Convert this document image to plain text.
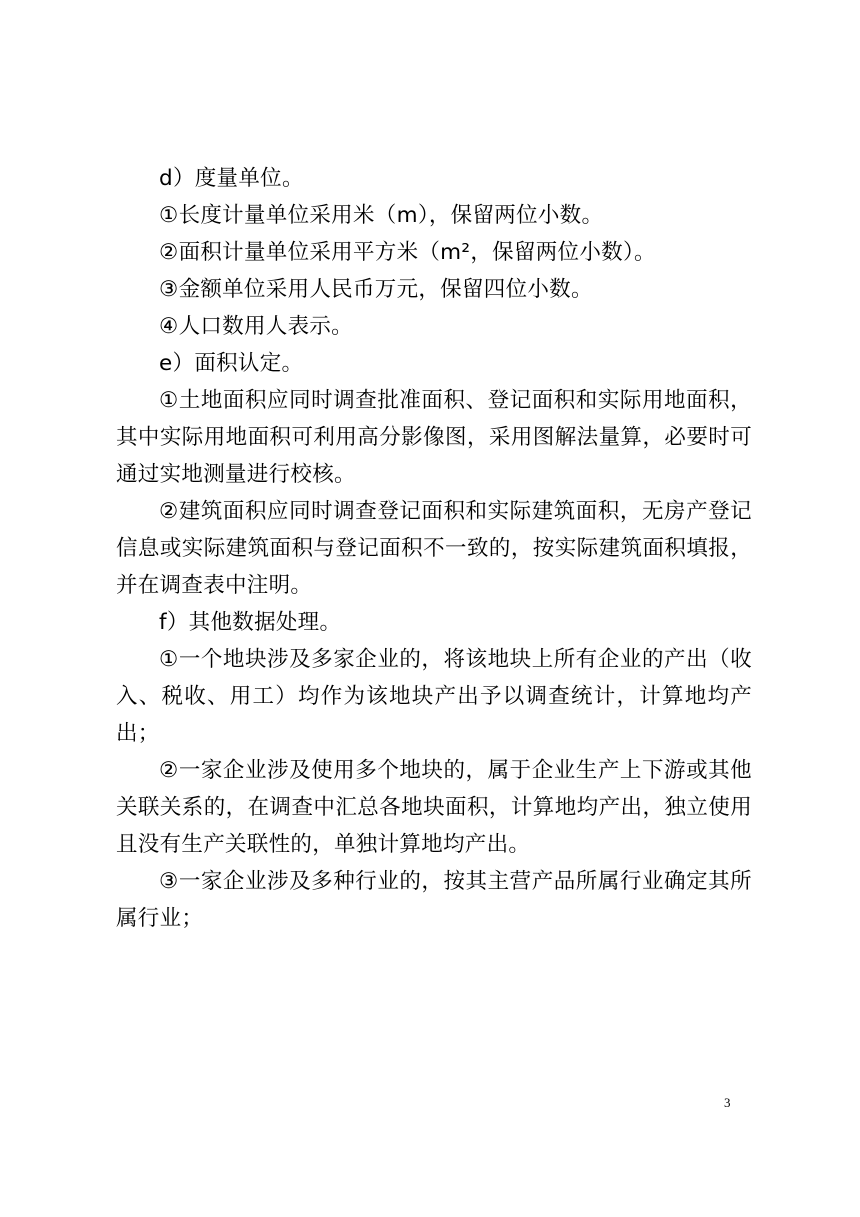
d）度量单位。

①长度计量单位采用米（m），保留两位小数。

②面积计量单位采用平方米（m²，保留两位小数）。

③金额单位采用人民币万元，保留四位小数。

④人口数用人表示。

e）面积认定。

①土地面积应同时调查批准面积、登记面积和实际用地面积，其中实际用地面积可利用高分影像图，采用图解法量算，必要时可通过实地测量进行校核。

②建筑面积应同时调查登记面积和实际建筑面积，无房产登记信息或实际建筑面积与登记面积不一致的，按实际建筑面积填报，并在调查表中注明。

f）其他数据处理。

①一个地块涉及多家企业的，将该地块上所有企业的产出（收入、税收、用工）均作为该地块产出予以调查统计，计算地均产出；

②一家企业涉及使用多个地块的，属于企业生产上下游或其他关联关系的，在调查中汇总各地块面积，计算地均产出，独立使用且没有生产关联性的，单独计算地均产出。

③一家企业涉及多种行业的，按其主营产品所属行业确定其所属行业；

3
